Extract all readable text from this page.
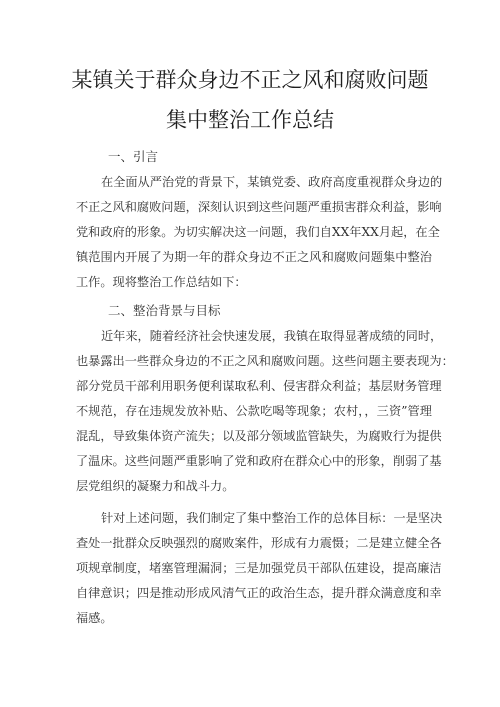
某镇关于群众身边不正之风和腐败问题
集中整治工作总结
一、引言
在全面从严治党的背景下，某镇党委、政府高度重视群众身边的
不正之风和腐败问题，深刻认识到这些问题严重损害群众利益，影响
党和政府的形象。为切实解决这一问题，我们自XX年XX月起，在全
镇范围内开展了为期一年的群众身边不正之风和腐败问题集中整治
工作。现将整治工作总结如下：
二、整治背景与目标
近年来，随着经济社会快速发展，我镇在取得显著成绩的同时，
也暴露出一些群众身边的不正之风和腐败问题。这些问题主要表现为：
部分党员干部利用职务便利谋取私利、侵害群众利益；基层财务管理
不规范，存在违规发放补贴、公款吃喝等现象；农村，，三资”管理
混乱，导致集体资产流失；以及部分领域监管缺失，为腐败行为提供
了温床。这些问题严重影响了党和政府在群众心中的形象，削弱了基
层党组织的凝聚力和战斗力。
针对上述问题，我们制定了集中整治工作的总体目标：一是坚决
查处一批群众反映强烈的腐败案件，形成有力震慑；二是建立健全各
项规章制度，堵塞管理漏洞；三是加强党员干部队伍建设，提高廉洁
自律意识；四是推动形成风清气正的政治生态，提升群众满意度和幸
福感。
